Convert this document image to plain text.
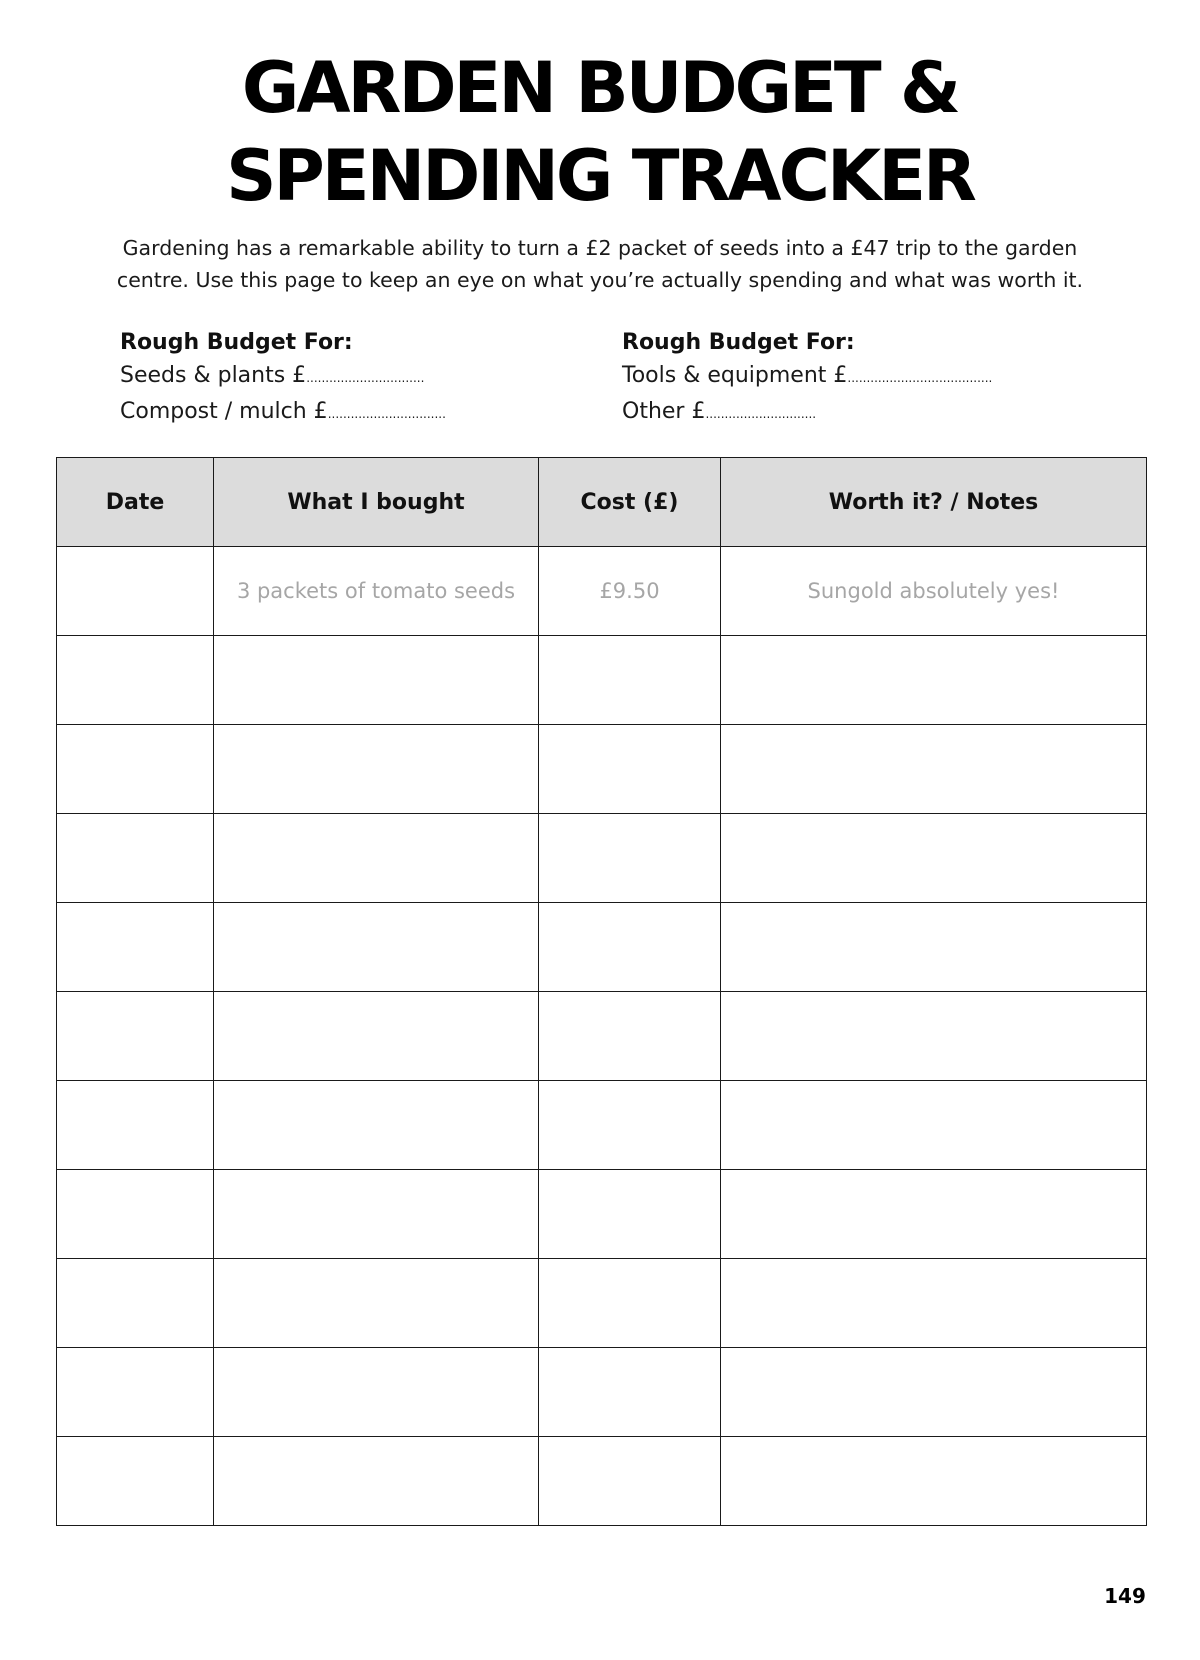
GARDEN BUDGET &
SPENDING TRACKER
Gardening has a remarkable ability to turn a £2 packet of seeds into a £47 trip to the garden
centre. Use this page to keep an eye on what you’re actually spending and what was worth it.
Rough Budget For:
Seeds & plants £...............................
Compost / mulch £...............................
Rough Budget For:
Tools & equipment £......................................
Other £.............................
Date	What I bought	Cost (£)	Worth it? / Notes
	3 packets of tomato seeds	£9.50	Sungold absolutely yes!

149
